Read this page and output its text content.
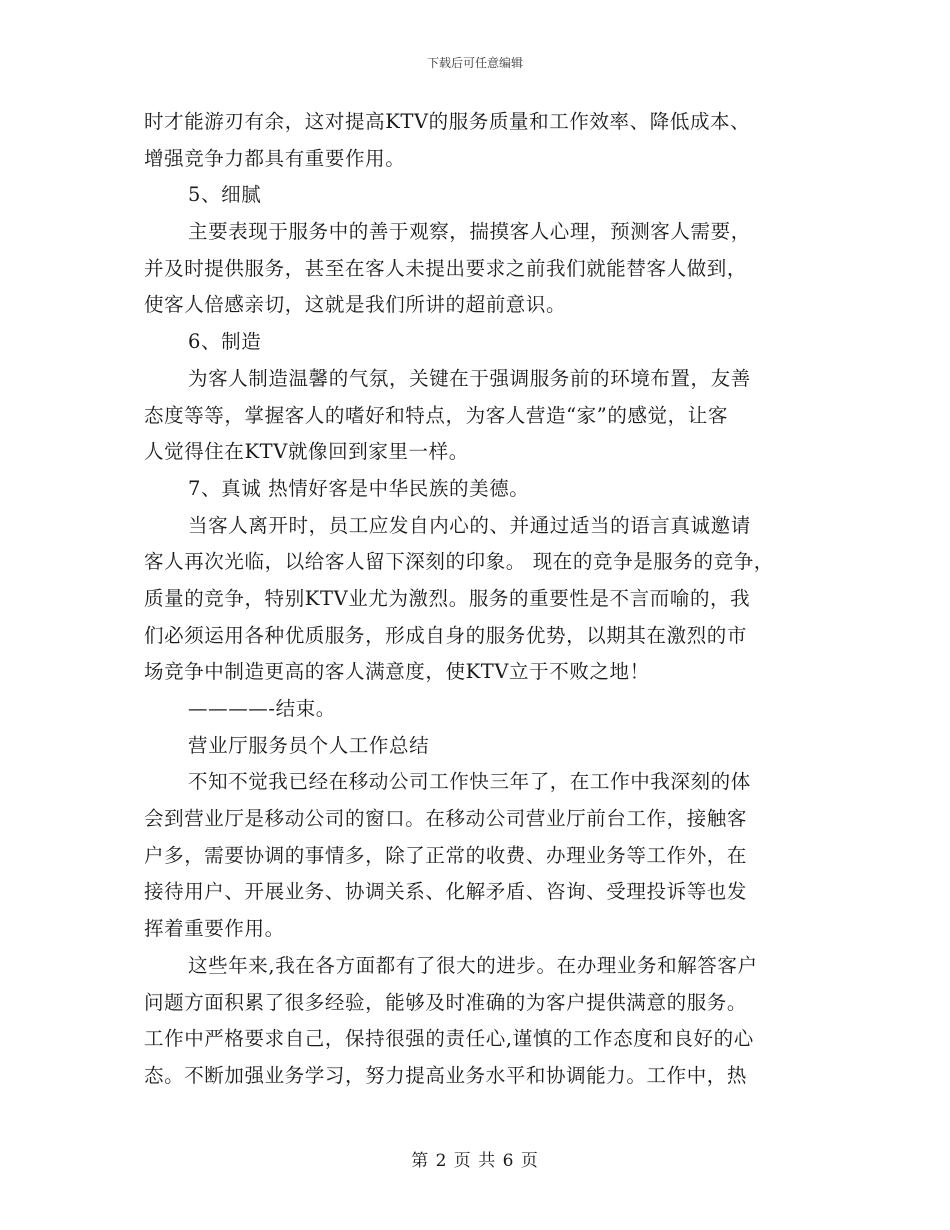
下载后可任意编辑
时才能游刃有余，这对提高KTV的服务质量和工作效率、降低成本、
增强竞争力都具有重要作用。
5、细腻
主要表现于服务中的善于观察，揣摸客人心理，预测客人需要，
并及时提供服务，甚至在客人未提出要求之前我们就能替客人做到，
使客人倍感亲切，这就是我们所讲的超前意识。
6、制造
为客人制造温馨的气氛，关键在于强调服务前的环境布置，友善
态度等等，掌握客人的嗜好和特点，为客人营造“家”的感觉，让客
人觉得住在KTV就像回到家里一样。
7、真诚 热情好客是中华民族的美德。
当客人离开时，员工应发自内心的、并通过适当的语言真诚邀请
客人再次光临，以给客人留下深刻的印象。 现在的竞争是服务的竞争，
质量的竞争，特别KTV业尤为激烈。服务的重要性是不言而喻的，我
们必须运用各种优质服务，形成自身的服务优势，以期其在激烈的市
场竞争中制造更高的客人满意度，使KTV立于不败之地！
————-结束。
营业厅服务员个人工作总结
不知不觉我已经在移动公司工作快三年了，在工作中我深刻的体
会到营业厅是移动公司的窗口。在移动公司营业厅前台工作，接触客
户多，需要协调的事情多，除了正常的收费、办理业务等工作外，在
接待用户、开展业务、协调关系、化解矛盾、咨询、受理投诉等也发
挥着重要作用。
这些年来,我在各方面都有了很大的进步。在办理业务和解答客户
问题方面积累了很多经验，能够及时准确的为客户提供满意的服务。
工作中严格要求自己，保持很强的责任心,谨慎的工作态度和良好的心
态。不断加强业务学习，努力提高业务水平和协调能力。工作中，热
第 2 页 共 6 页
